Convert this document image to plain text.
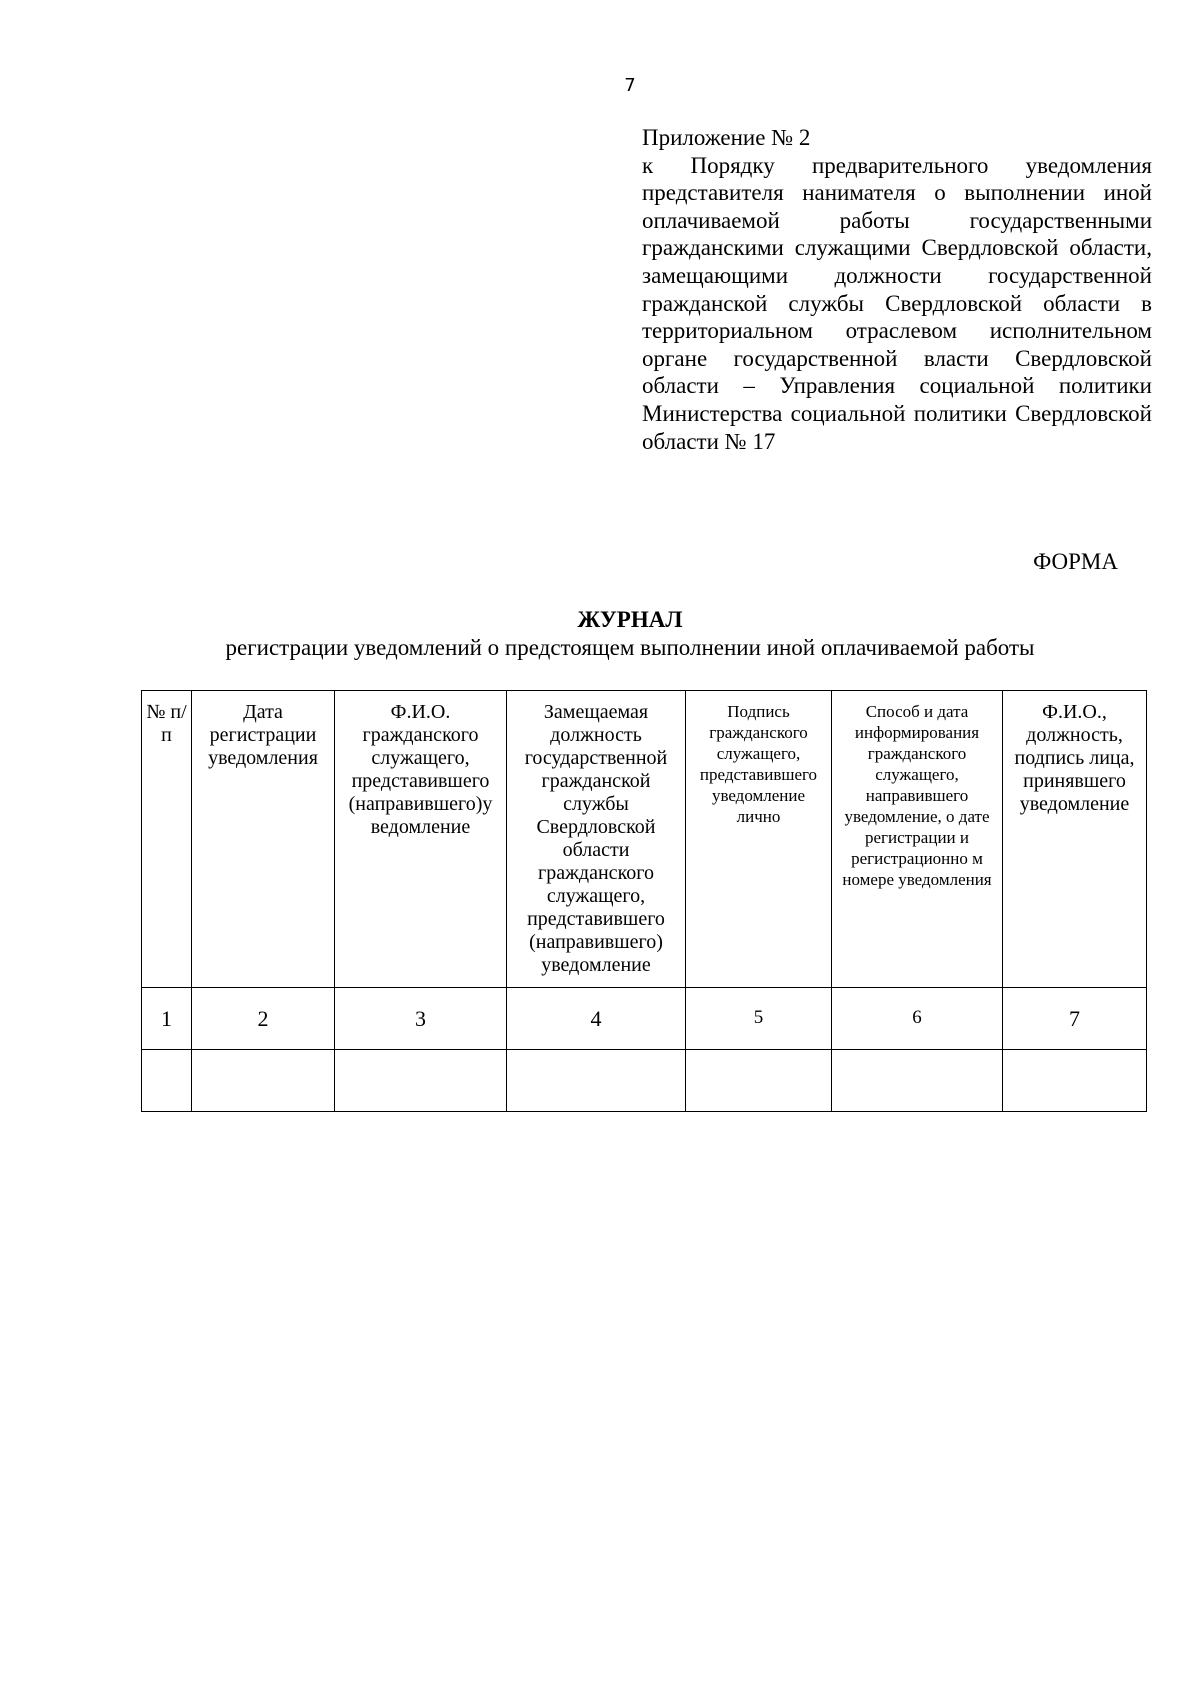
7
Приложение № 2
к Порядку предварительного уведомления представителя нанимателя о выполнении иной оплачиваемой работы государственными гражданскими служащими Свердловской области, замещающими должности государственной гражданской службы Свердловской области в территориальном отраслевом исполнительном органе государственной власти Свердловской области – Управления социальной политики Министерства социальной политики Свердловской области № 17
ФОРМА
ЖУРНАЛ
регистрации уведомлений о предстоящем выполнении иной оплачиваемой работы
№ п/п	Дата регистрации уведомления	Ф.И.О. гражданского служащего, представившего (направившего)у ведомление	Замещаемая должность государственной гражданской службы Свердловской области гражданского служащего, представившего (направившего) уведомление	Подпись гражданского служащего, представившего уведомление лично	Способ и дата информирования гражданского служащего, направившего уведомление, о дате регистрации и регистрационно м номере уведомления	Ф.И.О., должность, подпись лица, принявшего уведомление

1	2	3	4	5	6	7
